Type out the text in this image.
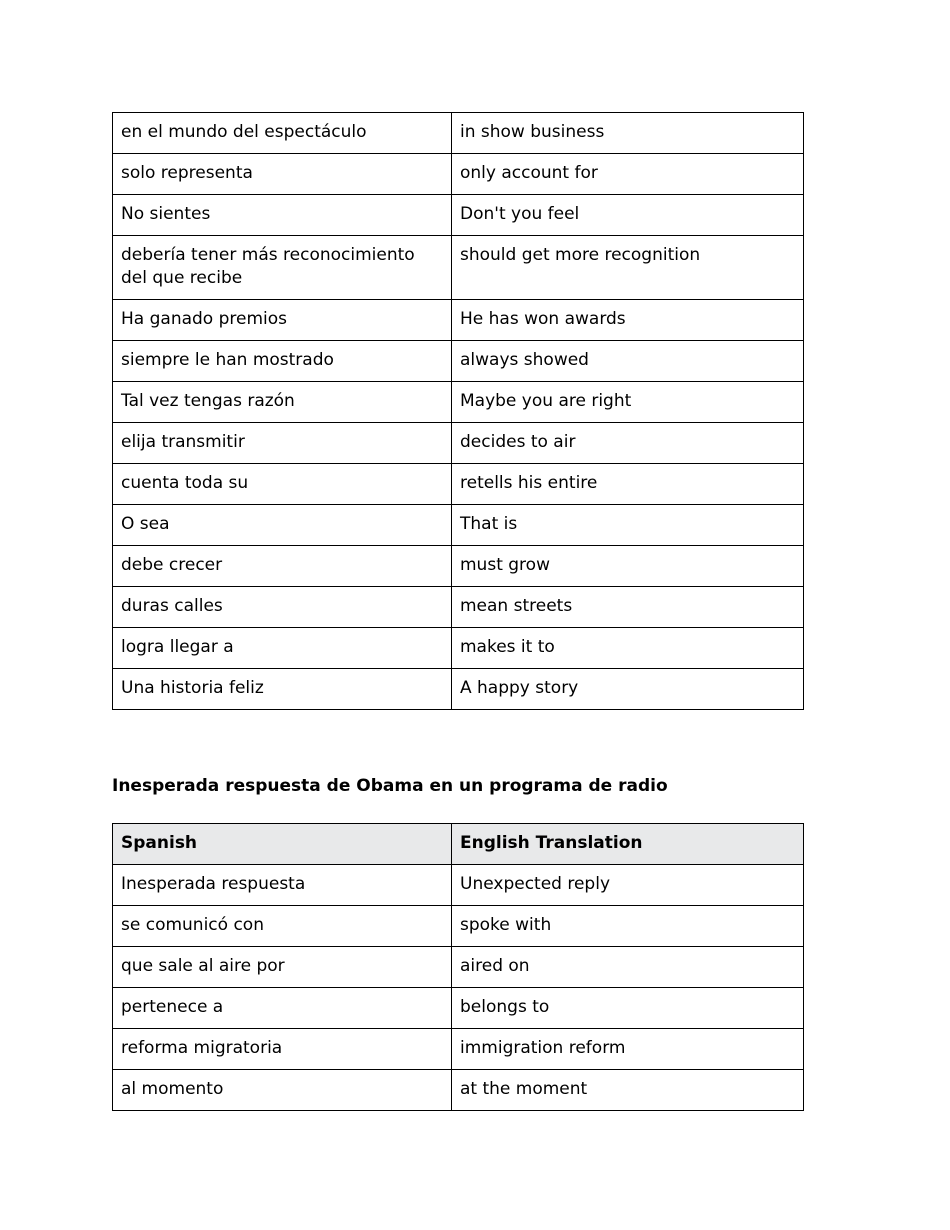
en el mundo del espectáculo	in show business
solo representa	only account for
No sientes	Don't you feel
debería tener más reconocimiento del que recibe	should get more recognition
Ha ganado premios	He has won awards
siempre le han mostrado	always showed
Tal vez tengas razón	Maybe you are right
elija transmitir	decides to air
cuenta toda su	retells his entire
O sea	That is
debe crecer	must grow
duras calles	mean streets
logra llegar a	makes it to
Una historia feliz	A happy story
Inesperada respuesta de Obama en un programa de radio
Spanish	English Translation
Inesperada respuesta	Unexpected reply
se comunicó con	spoke with
que sale al aire por	aired on
pertenece a	belongs to
reforma migratoria	immigration reform
al momento	at the moment
